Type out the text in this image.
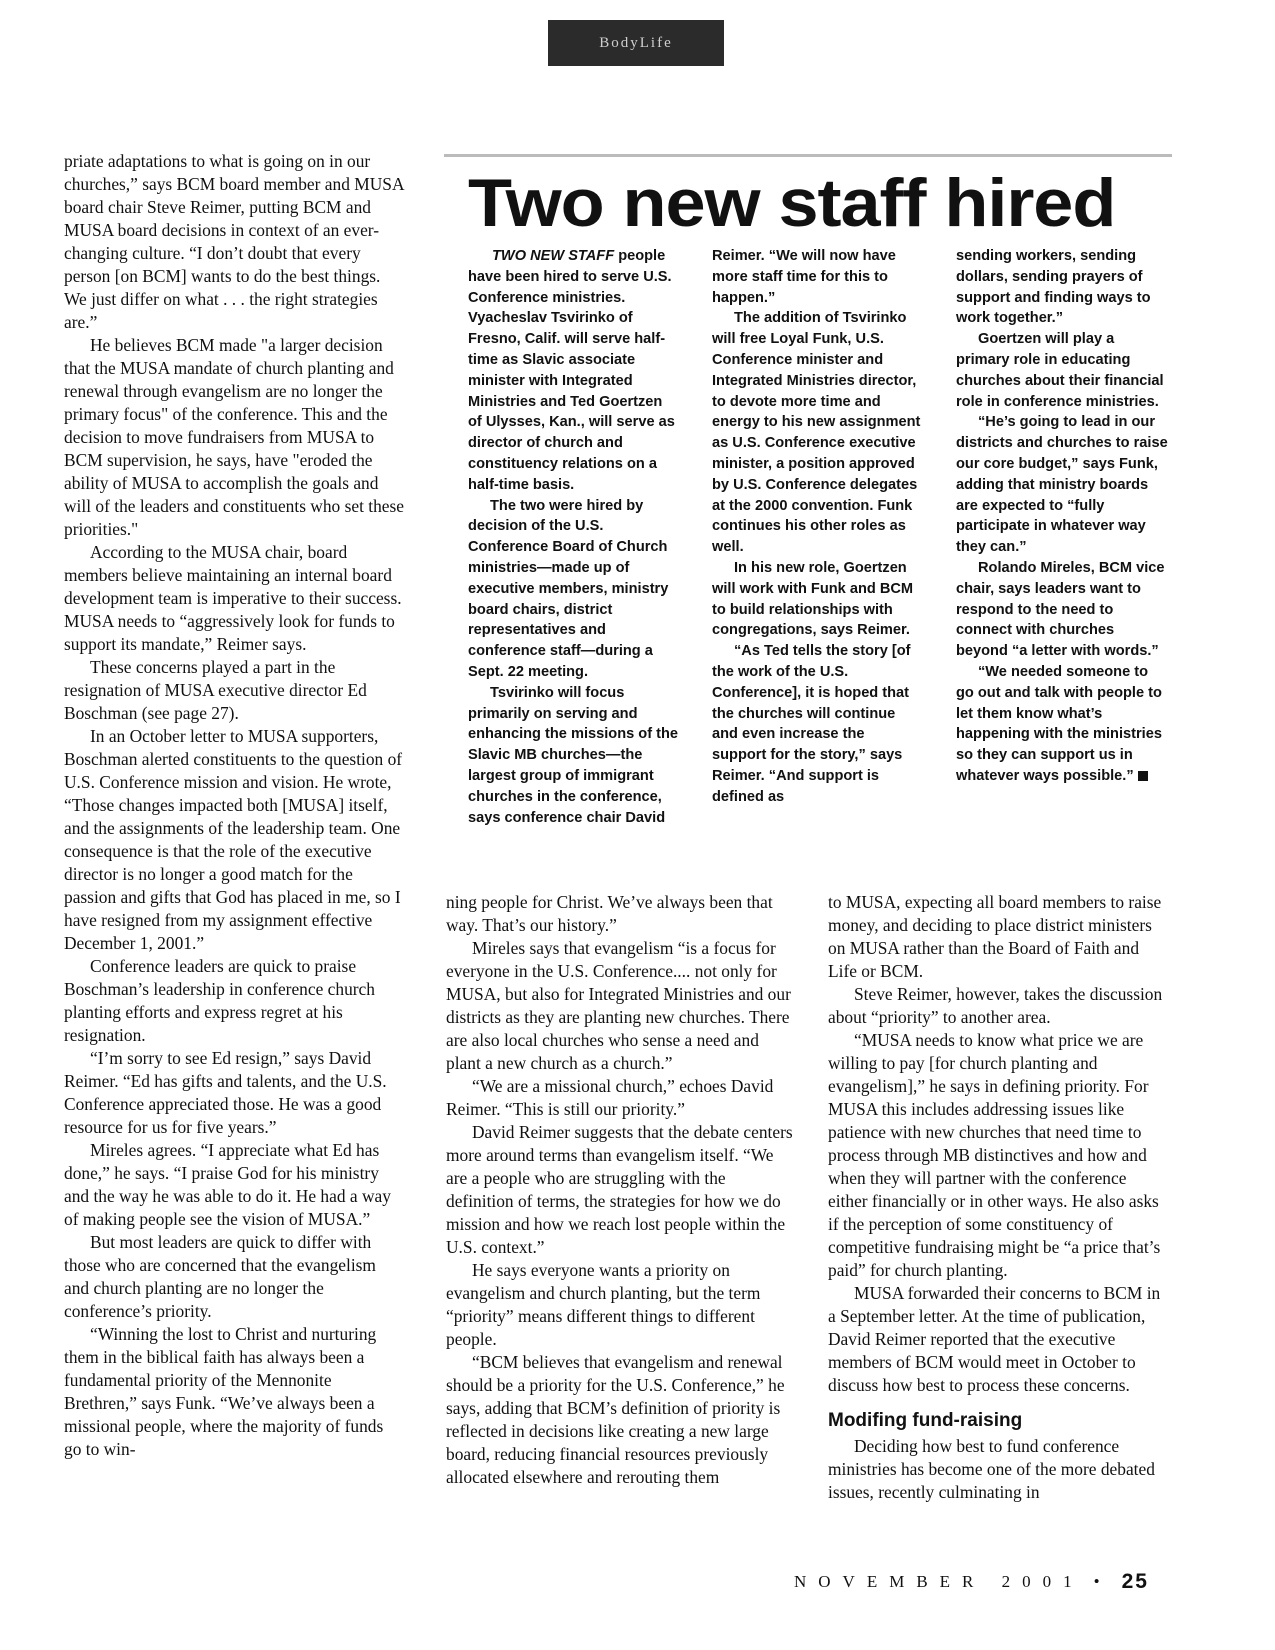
BodyLife

priate adaptations to what is going on in our churches,” says BCM board member and MUSA board chair Steve Reimer, putting BCM and MUSA board decisions in context of an ever-changing culture. “I don’t doubt that every person [on BCM] wants to do the best things. We just differ on what . . . the right strategies are.”

He believes BCM made "a larger decision that the MUSA mandate of church planting and renewal through evangelism are no longer the primary focus" of the conference. This and the decision to move fundraisers from MUSA to BCM supervision, he says, have "eroded the ability of MUSA to accomplish the goals and will of the leaders and constituents who set these priorities."

According to the MUSA chair, board members believe maintaining an internal board development team is imperative to their success. MUSA needs to “aggressively look for funds to support its mandate,” Reimer says.

These concerns played a part in the resignation of MUSA executive director Ed Boschman (see page 27).

In an October letter to MUSA supporters, Boschman alerted constituents to the question of U.S. Conference mission and vision. He wrote, “Those changes impacted both [MUSA] itself, and the assignments of the leadership team. One consequence is that the role of the executive director is no longer a good match for the passion and gifts that God has placed in me, so I have resigned from my assignment effective December 1, 2001.”

Conference leaders are quick to praise Boschman’s leadership in conference church planting efforts and express regret at his resignation.

“I’m sorry to see Ed resign,” says David Reimer. “Ed has gifts and talents, and the U.S. Conference appreciated those. He was a good resource for us for five years.”

Mireles agrees. “I appreciate what Ed has done,” he says. “I praise God for his ministry and the way he was able to do it. He had a way of making people see the vision of MUSA.”

But most leaders are quick to differ with those who are concerned that the evangelism and church planting are no longer the conference’s priority.

“Winning the lost to Christ and nurturing them in the biblical faith has always been a fundamental priority of the Mennonite Brethren,” says Funk. “We’ve always been a missional people, where the majority of funds go to win-

Two new staff hired

TWO NEW STAFF people have been hired to serve U.S. Conference ministries. Vyacheslav Tsvirinko of Fresno, Calif. will serve half-time as Slavic associate minister with Integrated Ministries and Ted Goertzen of Ulysses, Kan., will serve as director of church and constituency relations on a half-time basis.

The two were hired by decision of the U.S. Conference Board of Church ministries—made up of executive members, ministry board chairs, district representatives and conference staff—during a Sept. 22 meeting.

Tsvirinko will focus primarily on serving and enhancing the missions of the Slavic MB churches—the largest group of immigrant churches in the conference, says conference chair David

Reimer. “We will now have more staff time for this to happen.”

The addition of Tsvirinko will free Loyal Funk, U.S. Conference minister and Integrated Ministries director, to devote more time and energy to his new assignment as U.S. Conference executive minister, a position approved by U.S. Conference delegates at the 2000 convention. Funk continues his other roles as well.

In his new role, Goertzen will work with Funk and BCM to build relationships with congregations, says Reimer.

“As Ted tells the story [of the work of the U.S. Conference], it is hoped that the churches will continue and even increase the support for the story,” says Reimer. “And support is defined as

sending workers, sending dollars, sending prayers of support and finding ways to work together.”

Goertzen will play a primary role in educating churches about their financial role in conference ministries.

“He’s going to lead in our districts and churches to raise our core budget,” says Funk, adding that ministry boards are expected to “fully participate in whatever way they can.”

Rolando Mireles, BCM vice chair, says leaders want to respond to the need to connect with churches beyond “a letter with words.”

“We needed someone to go out and talk with people to let them know what’s happening with the ministries so they can support us in whatever ways possible.”

ning people for Christ. We’ve always been that way. That’s our history.”

Mireles says that evangelism “is a focus for everyone in the U.S. Conference.... not only for MUSA, but also for Integrated Ministries and our districts as they are planting new churches. There are also local churches who sense a need and plant a new church as a church.”

“We are a missional church,” echoes David Reimer. “This is still our priority.”

David Reimer suggests that the debate centers more around terms than evangelism itself. “We are a people who are struggling with the definition of terms, the strategies for how we do mission and how we reach lost people within the U.S. context.”

He says everyone wants a priority on evangelism and church planting, but the term “priority” means different things to different people.

“BCM believes that evangelism and renewal should be a priority for the U.S. Conference,” he says, adding that BCM’s definition of priority is reflected in decisions like creating a new large board, reducing financial resources previously allocated elsewhere and rerouting them

to MUSA, expecting all board members to raise money, and deciding to place district ministers on MUSA rather than the Board of Faith and Life or BCM.

Steve Reimer, however, takes the discussion about “priority” to another area.

“MUSA needs to know what price we are willing to pay [for church planting and evangelism],” he says in defining priority. For MUSA this includes addressing issues like patience with new churches that need time to process through MB distinctives and how and when they will partner with the conference either financially or in other ways. He also asks if the perception of some constituency of competitive fundraising might be “a price that’s paid” for church planting.

MUSA forwarded their concerns to BCM in a September letter. At the time of publication, David Reimer reported that the executive members of BCM would meet in October to discuss how best to process these concerns.

Modifing fund-raising

Deciding how best to fund conference ministries has become one of the more debated issues, recently culminating in

NOVEMBER 2001 • 25
